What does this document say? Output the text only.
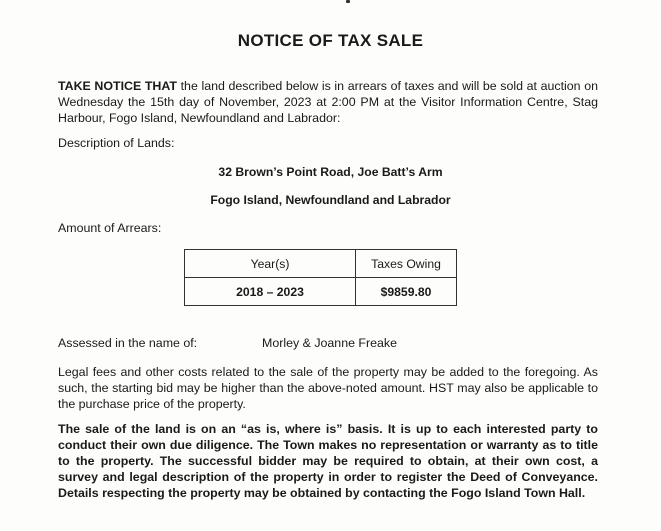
NOTICE OF TAX SALE
TAKE NOTICE THAT the land described below is in arrears of taxes and will be sold at auction on Wednesday the 15th day of November, 2023 at 2:00 PM at the Visitor Information Centre, Stag Harbour, Fogo Island, Newfoundland and Labrador:
Description of Lands:
32 Brown’s Point Road, Joe Batt’s Arm
Fogo Island, Newfoundland and Labrador
Amount of Arrears:
Year(s)	Taxes Owing
2018 – 2023	$9859.80
Assessed in the name of:	Morley & Joanne Freake
Legal fees and other costs related to the sale of the property may be added to the foregoing. As such, the starting bid may be higher than the above-noted amount. HST may also be applicable to the purchase price of the property.
The sale of the land is on an “as is, where is” basis. It is up to each interested party to conduct their own due diligence. The Town makes no representation or warranty as to title to the property. The successful bidder may be required to obtain, at their own cost, a survey and legal description of the property in order to register the Deed of Conveyance. Details respecting the property may be obtained by contacting the Fogo Island Town Hall.
